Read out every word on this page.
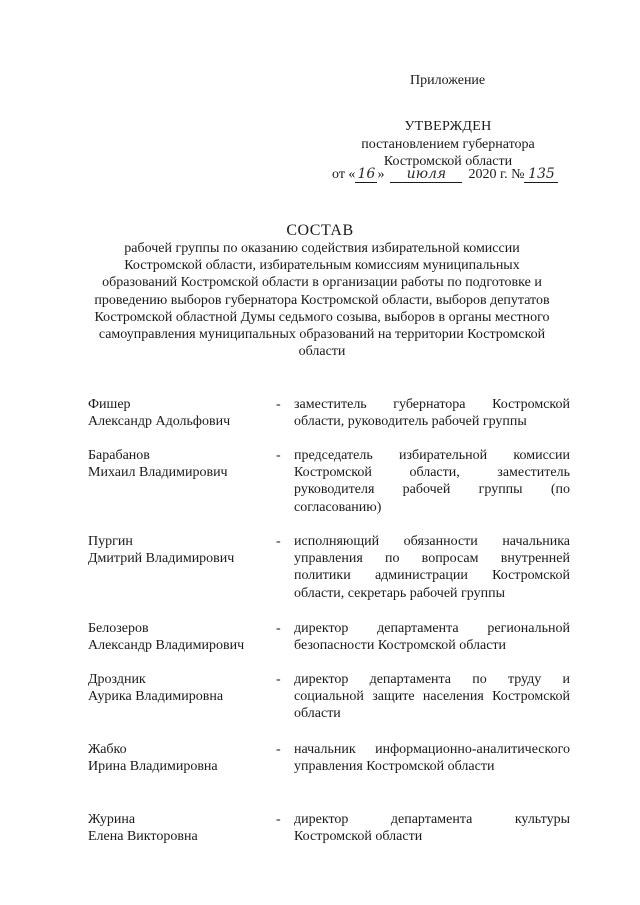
Приложение
УТВЕРЖДЕН
постановлением губернатора
Костромской области
от « 16 » июля 2020 г. № 135
СОСТАВ
рабочей группы по оказанию содействия избирательной комиссии Костромской области, избирательным комиссиям муниципальных образований Костромской области в организации работы по подготовке и проведению выборов губернатора Костромской области, выборов депутатов Костромской областной Думы седьмого созыва, выборов в органы местного самоуправления муниципальных образований на территории Костромской области
Фишер
Александр Адольфович
- заместитель губернатора Костромской области, руководитель рабочей группы
Барабанов
Михаил Владимирович
- председатель избирательной комиссии Костромской области, заместитель руководителя рабочей группы (по согласованию)
Пургин
Дмитрий Владимирович
- исполняющий обязанности начальника управления по вопросам внутренней политики администрации Костромской области, секретарь рабочей группы
Белозеров
Александр Владимирович
- директор департамента региональной безопасности Костромской области
Дроздник
Аурика Владимировна
- директор департамента по труду и социальной защите населения Костромской области
Жабко
Ирина Владимировна
- начальник информационно-аналитического управления Костромской области
Журина
Елена Викторовна
- директор департамента культуры Костромской области
